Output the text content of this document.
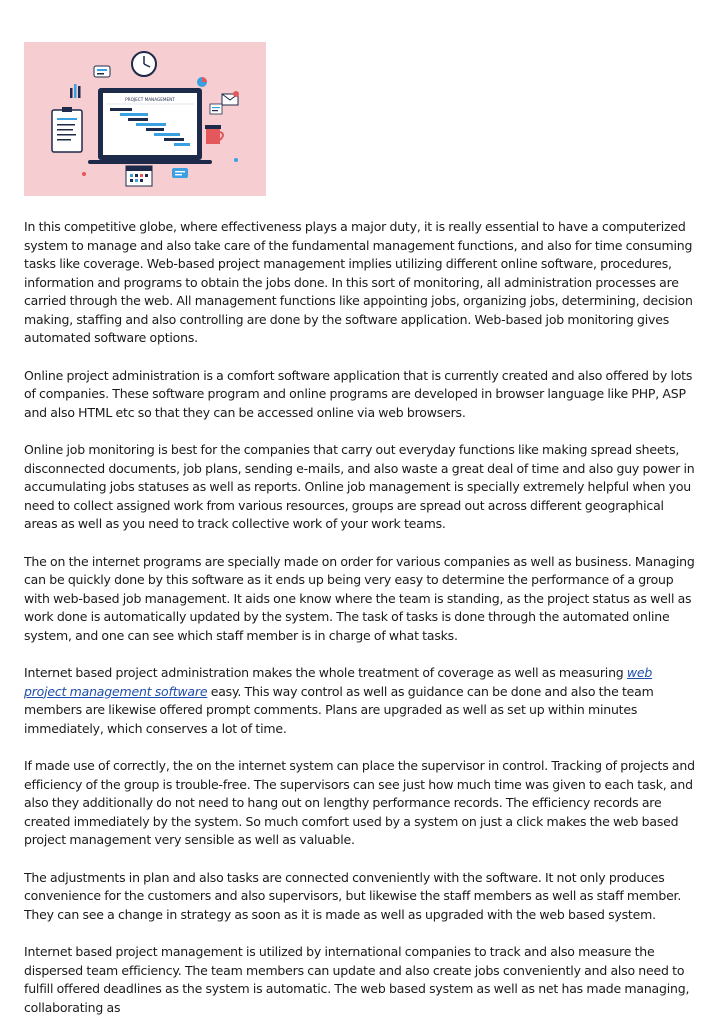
PROJECT MANAGEMENT

In this competitive globe, where effectiveness plays a major duty, it is really essential to have a computerized system to manage and also take care of the fundamental management functions, and also for time consuming tasks like coverage. Web-based project management implies utilizing different online software, procedures, information and programs to obtain the jobs done. In this sort of monitoring, all administration processes are carried through the web. All management functions like appointing jobs, organizing jobs, determining, decision making, staffing and also controlling are done by the software application. Web-based job monitoring gives automated software options.

Online project administration is a comfort software application that is currently created and also offered by lots of companies. These software program and online programs are developed in browser language like PHP, ASP and also HTML etc so that they can be accessed online via web browsers.

Online job monitoring is best for the companies that carry out everyday functions like making spread sheets, disconnected documents, job plans, sending e-mails, and also waste a great deal of time and also guy power in accumulating jobs statuses as well as reports. Online job management is specially extremely helpful when you need to collect assigned work from various resources, groups are spread out across different geographical areas as well as you need to track collective work of your work teams.

The on the internet programs are specially made on order for various companies as well as business. Managing can be quickly done by this software as it ends up being very easy to determine the performance of a group with web-based job management. It aids one know where the team is standing, as the project status as well as work done is automatically updated by the system. The task of tasks is done through the automated online system, and one can see which staff member is in charge of what tasks.

Internet based project administration makes the whole treatment of coverage as well as measuring web project management software easy. This way control as well as guidance can be done and also the team members are likewise offered prompt comments. Plans are upgraded as well as set up within minutes immediately, which conserves a lot of time.

If made use of correctly, the on the internet system can place the supervisor in control. Tracking of projects and efficiency of the group is trouble-free. The supervisors can see just how much time was given to each task, and also they additionally do not need to hang out on lengthy performance records. The efficiency records are created immediately by the system. So much comfort used by a system on just a click makes the web based project management very sensible as well as valuable.

The adjustments in plan and also tasks are connected conveniently with the software. It not only produces convenience for the customers and also supervisors, but likewise the staff members as well as staff member. They can see a change in strategy as soon as it is made as well as upgraded with the web based system.

Internet based project management is utilized by international companies to track and also measure the dispersed team efficiency. The team members can update and also create jobs conveniently and also need to fulfill offered deadlines as the system is automatic. The web based system as well as net has made managing, collaborating as
